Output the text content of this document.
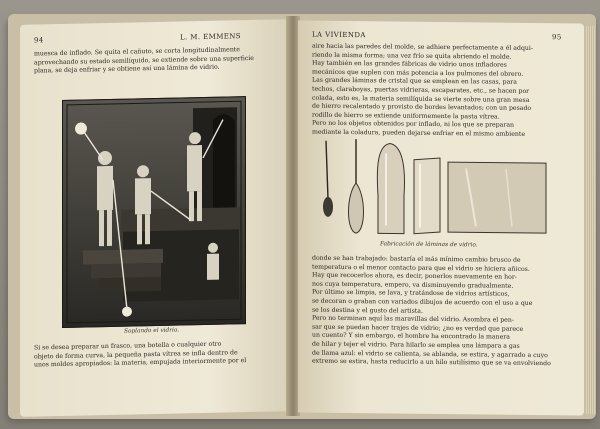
94	L. M. EMMENS

muesca de inflado. Se quita el cañuto, se corta longitudinalmente

aprovechando su estado semilíquido, se extiende sobre una superficie

plana, se deja enfriar y se obtiene así una lámina de vidrio.

Soplando el vidrio.

Si se desea preparar un frasco, una botella o cualquier otro

objeto de forma curva, la pequeña pasta vítrea se infla dentro de

unos moldes apropiados: la materia, empujada interiormente por el

LA VIVIENDA	95

aire hacia las paredes del molde, se adhiere perfectamente a él adqui-

riendo la misma forma; una vez frío se quita abriendo el molde.

Hay también en las grandes fábricas de vidrio unos infladores

mecánicos que suplen con más potencia a los pulmones del obrero.

Las grandes láminas de cristal que se emplean en las casas, para

techos, claraboyas, puertas vidrieras, escaparates, etc., se hacen por

colada, esto es, la materia semilíquida se vierte sobre una gran mesa

de hierro recalentado y provisto de bordes levantados; con un pesado

rodillo de hierro se extiende uniformemente la pasta vítrea.

Pero no los objetos obtenidos por inflado, ni los que se preparan

mediante la coladura, pueden dejarse enfriar en el mismo ambiente

Fabricación de láminas de vidrio.

donde se han trabajado: bastaría el más mínimo cambio brusco de

temperatura o el menor contacto para que el vidrio se hiciera añicos.

Hay que recocerlos ahora, es decir, ponerlos nuevamente en hor-

nos cuya temperatura, empero, va disminuyendo gradualmente.

Por último se limpia, se lava, y tratándose de vidrios artísticos,

se decoran o graban con variados dibujos de acuerdo con el uso a que

se los destina y el gusto del artista.

Pero no terminan aquí las maravillas del vidrio. Asombra el pen-

sar que se puedan hacer trajes de vidrio; ¿no es verdad que parece

un cuento? Y sin embargo, el hombre ha encontrado la manera

de hilar y tejer el vidrio. Para hilarlo se emplea una lámpara a gas

de llama azul: el vidrio se calienta, se ablanda, se estira, y agarrado a cuyo

extremo se estira, hasta reducirlo a un hilo sutilísimo que se va envolviendo
